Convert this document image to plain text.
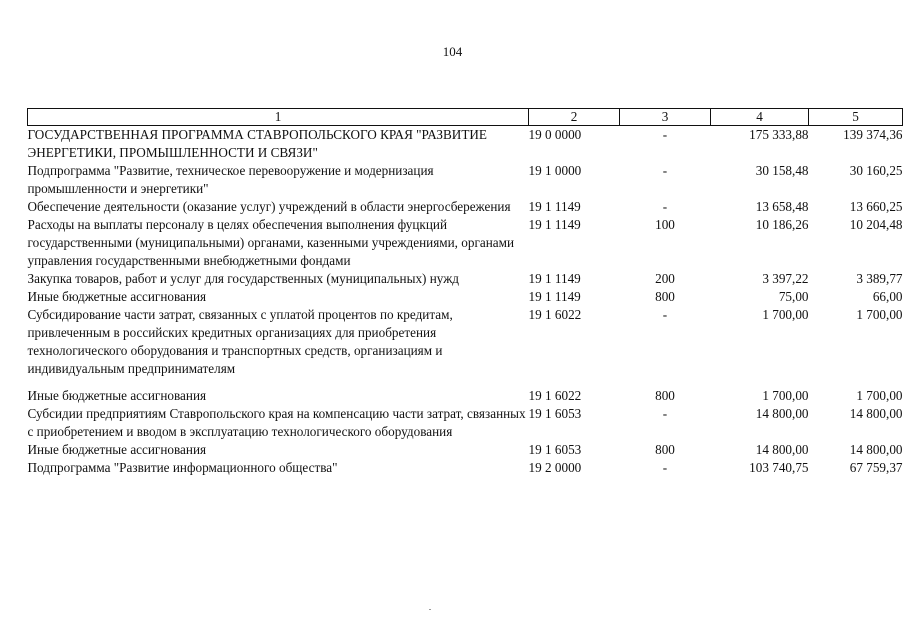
104
1	2	3	4	5
ГОСУДАРСТВЕННАЯ ПРОГРАММА СТАВРОПОЛЬСКОГО КРАЯ "РАЗВИТИЕ ЭНЕРГЕТИКИ, ПРОМЫШЛЕННОСТИ И СВЯЗИ"	19 0 0000	-	175 333,88	139 374,36
Подпрограмма "Развитие, техническое перевооружение и модернизация промышленности и энергетики"	19 1 0000	-	30 158,48	30 160,25
Обеспечение деятельности (оказание услуг) учреждений в области энергосбережения	19 1 1149	-	13 658,48	13 660,25
Расходы на выплаты персоналу в целях обеспечения выполнения фуцкций государственными (муниципальными) органами, казенными учреждениями, органами управления государственными внебюджетными фондами	19 1 1149	100	10 186,26	10 204,48
Закупка товаров, работ и услуг для государственных (муниципальных) нужд	19 1 1149	200	3 397,22	3 389,77
Иные бюджетные ассигнования	19 1 1149	800	75,00	66,00
Субсидирование части затрат, связанных с уплатой процентов по кредитам, привлеченным в российских кредитных организациях для приобретения технологического оборудования и транспортных средств, организациям и индивидуальным предпринимателям	19 1 6022	-	1 700,00	1 700,00
Иные бюджетные ассигнования	19 1 6022	800	1 700,00	1 700,00
Субсидии предприятиям Ставропольского края на компенсацию части затрат, связанных с приобретением и вводом в эксплуатацию технологического оборудования	19 1 6053	-	14 800,00	14 800,00
Иные бюджетные ассигнования	19 1 6053	800	14 800,00	14 800,00
Подпрограмма "Развитие информационного общества"	19 2 0000	-	103 740,75	67 759,37
